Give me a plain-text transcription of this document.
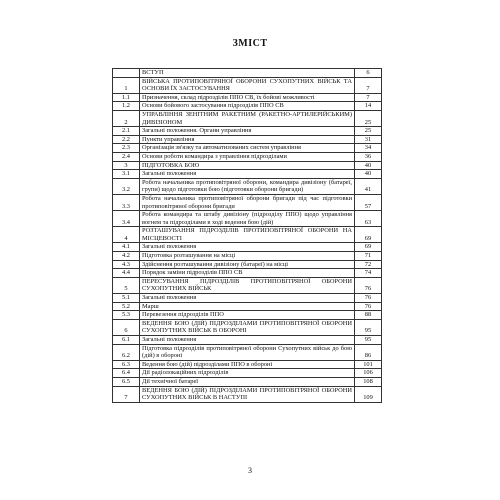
ЗМІСТ
	ВСТУП	6
1	ВІЙСЬКА ПРОТИПОВІТРЯНОЇ ОБОРОНИ СУХОПУТНИХ ВІЙСЬК ТА ОСНОВИ ЇХ ЗАСТОСУВАННЯ	7
1.1	Призначення, склад підрозділів ППО СВ, їх бойові можливості	7
1.2	Основи бойового застосування підрозділів ППО СВ	14
2	УПРАВЛІННЯ ЗЕНІТНИМ РАКЕТНИМ (РАКЕТНО-АРТИЛЕРІЙСЬКИМ) ДИВІЗІОНОМ	25
2.1	Загальні положення. Органи управління	25
2.2	Пункти управління	31
2.3	Організація зв'язку та автоматизованих систем управління	34
2.4	Основи роботи командира з управління підрозділами	36
3	ПІДГОТОВКА БОЮ	40
3.1	Загальні положення	40
3.2	Робота начальника протиповітряної оборони, командира дивізіону (батареї, групи) щодо підготовки бою (підготовки оборони бригади)	41
3.3	Робота начальника протиповітряної оборони бригади під час підготовки протиповітряної оборони бригади	57
3.4	Робота командира та штабу дивізіону (підрозділу ППО) щодо управління вогнем та підрозділами в ході ведення бою (дій)	63
4	РОЗТАШУВАННЯ ПІДРОЗДІЛІВ ПРОТИПОВІТРЯНОЇ ОБОРОНИ НА МІСЦЕВОСТІ	69
4.1	Загальні положення	69
4.2	Підготовка розташування на місці	71
4.3	Здійснення розташування дивізіону (батареї) на місці	72
4.4	Порядок заміни підрозділів ППО СВ	74
5	ПЕРЕСУВАННЯ ПІДРОЗДІЛІВ ПРОТИПОВІТРЯНОЇ ОБОРОНИ СУХОПУТНИХ ВІЙСЬК	76
5.1	Загальні положення	76
5.2	Марш	76
5.3	Перевезення підрозділів ППО	88
6	ВЕДЕННЯ БОЮ (ДІЙ) ПІДРОЗДІЛАМИ ПРОТИПОВІТРЯНОЇ ОБОРОНИ СУХОПУТНИХ ВІЙСЬК В ОБОРОНІ	95
6.1	Загальні положення	95
6.2	Підготовка підрозділів протиповітряної оборони Сухопутних військ до бою (дій) в обороні	86
6.3	Ведення бою (дій) підрозділами ППО в обороні	101
6.4	Дії радіолокаційних підрозділів	106
6.5	Дії технічної батареї	108
7	ВЕДЕННЯ БОЮ (ДІЙ) ПІДРОЗДІЛАМИ ПРОТИПОВІТРЯНОЇ ОБОРОНИ СУХОПУТНИХ ВІЙСЬК В НАСТУПІ	109
3
